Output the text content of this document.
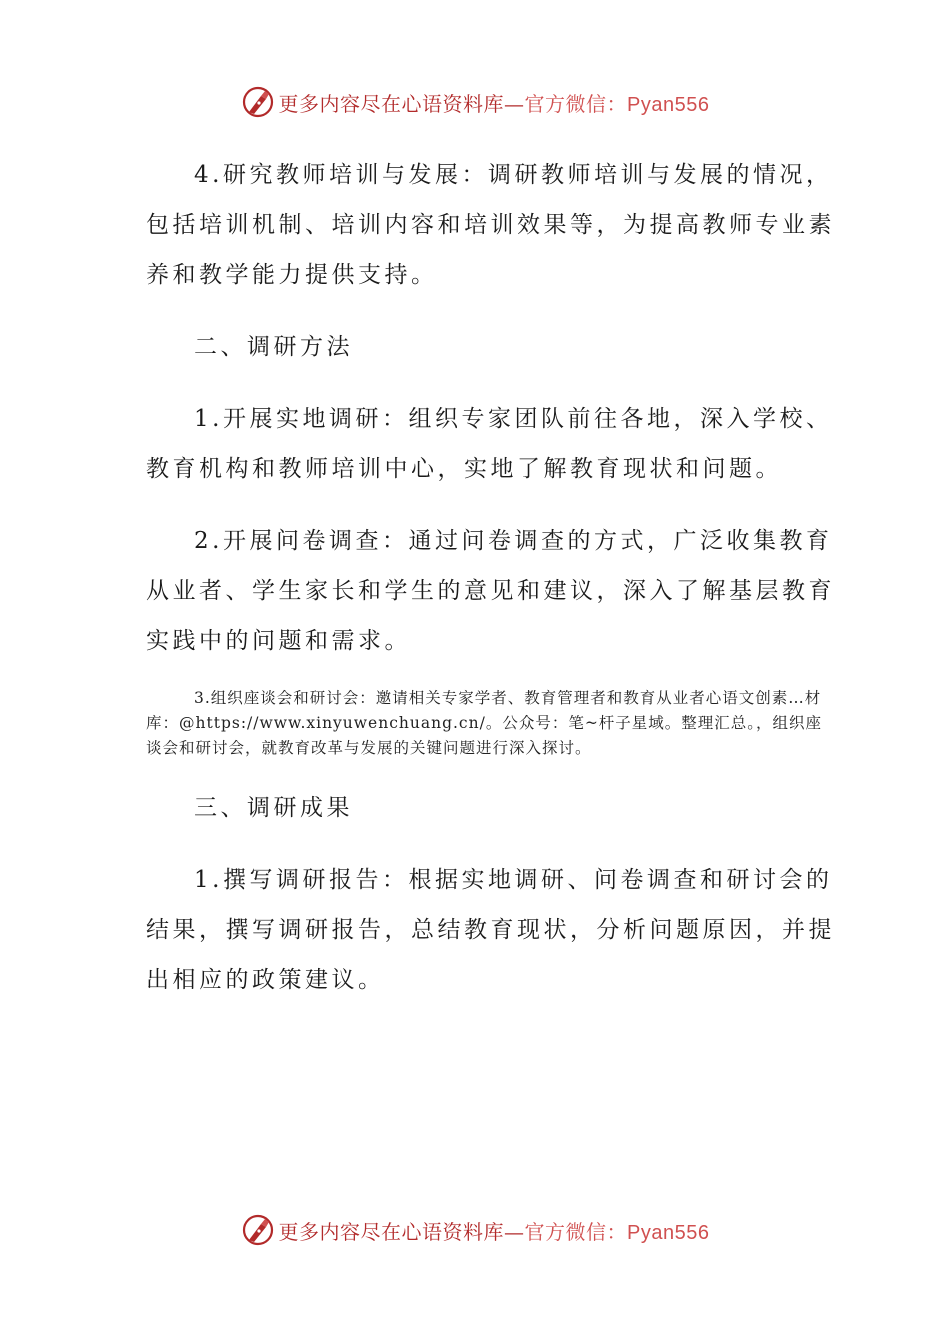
更多内容尽在心语资料库—官方微信：Pyan556

4.研究教师培训与发展：调研教师培训与发展的情况，包括培训机制、培训内容和培训效果等，为提高教师专业素养和教学能力提供支持。

二、调研方法

1.开展实地调研：组织专家团队前往各地，深入学校、教育机构和教师培训中心，实地了解教育现状和问题。

2.开展问卷调查：通过问卷调查的方式，广泛收集教育从业者、学生家长和学生的意见和建议，深入了解基层教育实践中的问题和需求。

3.组织座谈会和研讨会：邀请相关专家学者、教育管理者和教育从业者心语文创素…材库：@https://www.xinyuwenchuang.cn/。公众号：笔~杆子星域。整理汇总。，组织座谈会和研讨会，就教育改革与发展的关键问题进行深入探讨。

三、调研成果

1.撰写调研报告：根据实地调研、问卷调查和研讨会的结果，撰写调研报告，总结教育现状，分析问题原因，并提出相应的政策建议。

更多内容尽在心语资料库—官方微信：Pyan556
